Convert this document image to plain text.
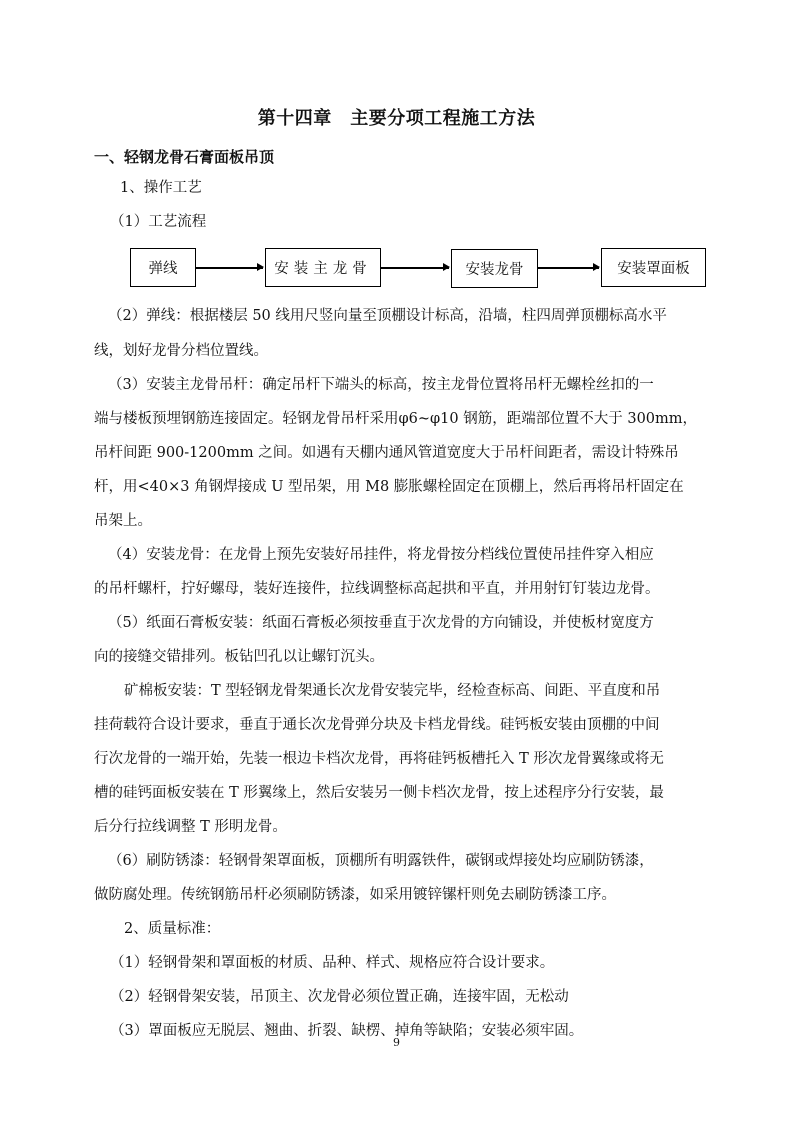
第十四章　主要分项工程施工方法
一、轻钢龙骨石膏面板吊顶
1、操作工艺
（1）工艺流程
弹线	安装主龙骨	安装龙骨	安装罩面板
（2）弹线：根据楼层 50 线用尺竖向量至顶棚设计标高，沿墙，柱四周弹顶棚标高水平
线，划好龙骨分档位置线。
（3）安装主龙骨吊杆：确定吊杆下端头的标高，按主龙骨位置将吊杆无螺栓丝扣的一
端与楼板预埋钢筋连接固定。轻钢龙骨吊杆采用φ6~φ10 钢筋，距端部位置不大于 300mm，
吊杆间距 900-1200mm 之间。如遇有天棚内通风管道宽度大于吊杆间距者，需设计特殊吊
杆，用<40×3 角钢焊接成 U 型吊架，用 M8 膨胀螺栓固定在顶棚上，然后再将吊杆固定在
吊架上。
（4）安装龙骨：在龙骨上预先安装好吊挂件，将龙骨按分档线位置使吊挂件穿入相应
的吊杆螺杆，拧好螺母，装好连接件，拉线调整标高起拱和平直，并用射钉钉装边龙骨。
（5）纸面石膏板安装：纸面石膏板必须按垂直于次龙骨的方向铺设，并使板材宽度方
向的接缝交错排列。板钻凹孔以让螺钉沉头。
矿棉板安装：T 型轻钢龙骨架通长次龙骨安装完毕，经检查标高、间距、平直度和吊
挂荷载符合设计要求，垂直于通长次龙骨弹分块及卡档龙骨线。硅钙板安装由顶棚的中间
行次龙骨的一端开始，先装一根边卡档次龙骨，再将硅钙板槽托入 T 形次龙骨翼缘或将无
槽的硅钙面板安装在 T 形翼缘上，然后安装另一侧卡档次龙骨，按上述程序分行安装，最
后分行拉线调整 T 形明龙骨。
（6）刷防锈漆：轻钢骨架罩面板，顶棚所有明露铁件，碳钢或焊接处均应刷防锈漆，
做防腐处理。传统钢筋吊杆必须刷防锈漆，如采用镀锌镙杆则免去刷防锈漆工序。
2、质量标准：
（1）轻钢骨架和罩面板的材质、品种、样式、规格应符合设计要求。
（2）轻钢骨架安装，吊顶主、次龙骨必须位置正确，连接牢固，无松动
（3）罩面板应无脱层、翘曲、折裂、缺楞、掉角等缺陷；安装必须牢固。
9
